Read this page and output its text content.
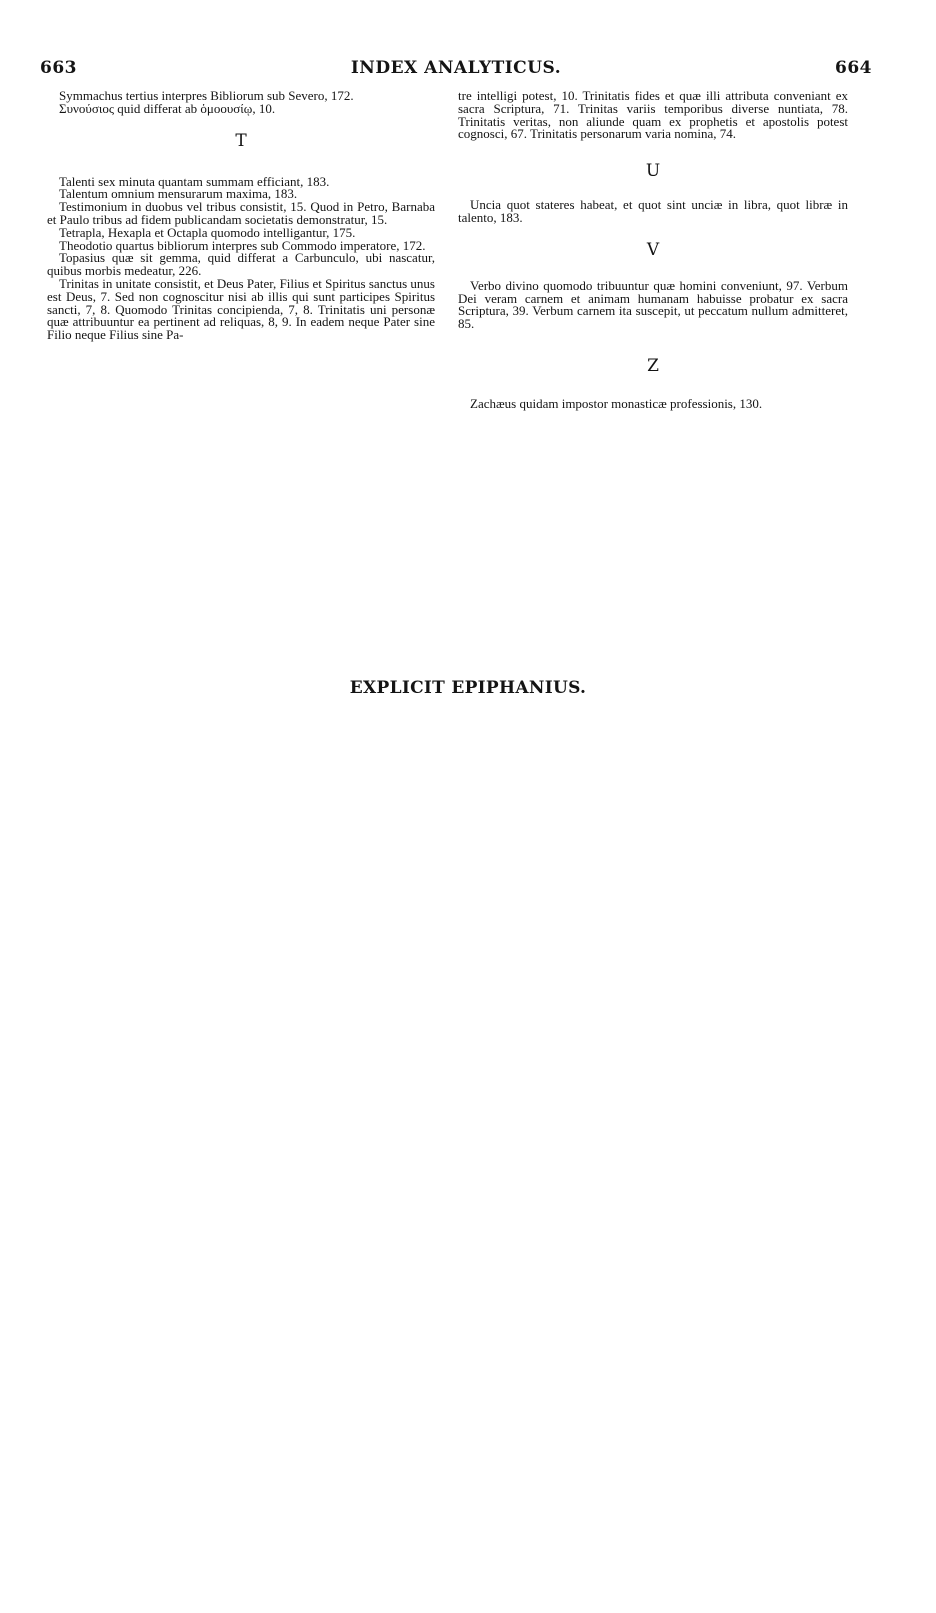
663	INDEX ANALYTICUS.	664

Symmachus tertius interpres Bibliorum sub Severo, 172.

Συνούσιος quid differat ab ὁμοουσίῳ, 10.

T

Talenti sex minuta quantam summam efficiant, 183.

Talentum omnium mensurarum maxima, 183.

Testimonium in duobus vel tribus consistit, 15. Quod in Petro, Barnaba et Paulo tribus ad fidem publicandam societatis demonstratur, 15.

Tetrapla, Hexapla et Octapla quomodo intelligantur, 175.

Theodotio quartus bibliorum interpres sub Commodo imperatore, 172.

Topasius quæ sit gemma, quid differat a Carbunculo, ubi nascatur, quibus morbis medeatur, 226.

Trinitas in unitate consistit, et Deus Pater, Filius et Spiritus sanctus unus est Deus, 7. Sed non cognoscitur nisi ab illis qui sunt participes Spiritus sancti, 7, 8. Quomodo Trinitas concipienda, 7, 8. Trinitatis uni personæ quæ attribuuntur ea pertinent ad reliquas, 8, 9. In eadem neque Pater sine Filio neque Filius sine Pa-

tre intelligi potest, 10. Trinitatis fides et quæ illi attributa conveniant ex sacra Scriptura, 71. Trinitas variis temporibus diverse nuntiata, 78. Trinitatis veritas, non aliunde quam ex prophetis et apostolis potest cognosci, 67. Trinitatis personarum varia nomina, 74.

U

Uncia quot stateres habeat, et quot sint unciæ in libra, quot libræ in talento, 183.

V

Verbo divino quomodo tribuuntur quæ homini conveniunt, 97. Verbum Dei veram carnem et animam humanam habuisse probatur ex sacra Scriptura, 39. Verbum carnem ita suscepit, ut peccatum nullum admitteret, 85.

Z

Zachæus quidam impostor monasticæ professionis, 130.

EXPLICIT EPIPHANIUS.
